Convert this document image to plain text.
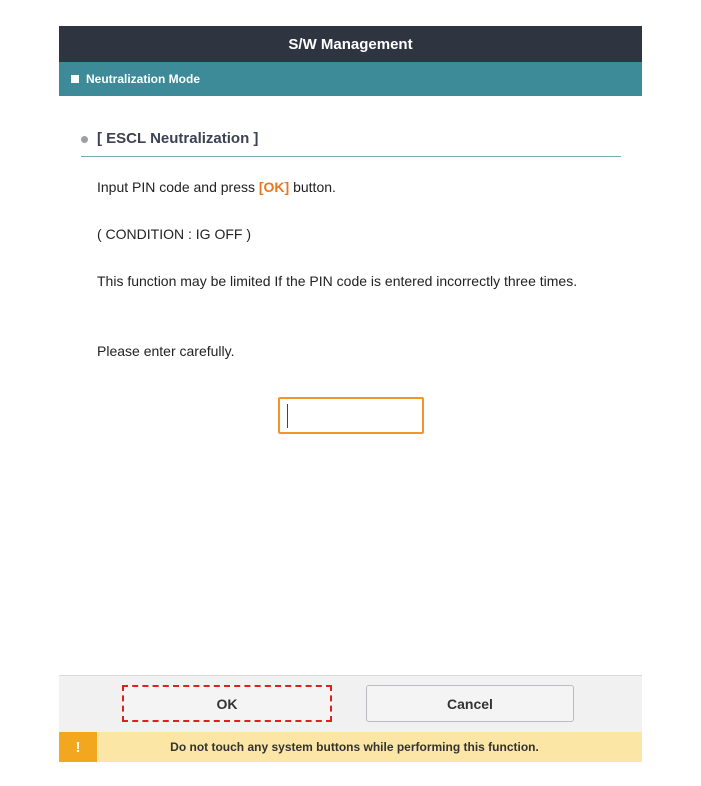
S/W Management
Neutralization Mode
[ ESCL Neutralization ]
Input PIN code and press [OK] button.
( CONDITION : IG OFF )
This function may be limited If the PIN code is entered incorrectly three times.
Please enter carefully.
OK	Cancel
!	Do not touch any system buttons while performing this function.
